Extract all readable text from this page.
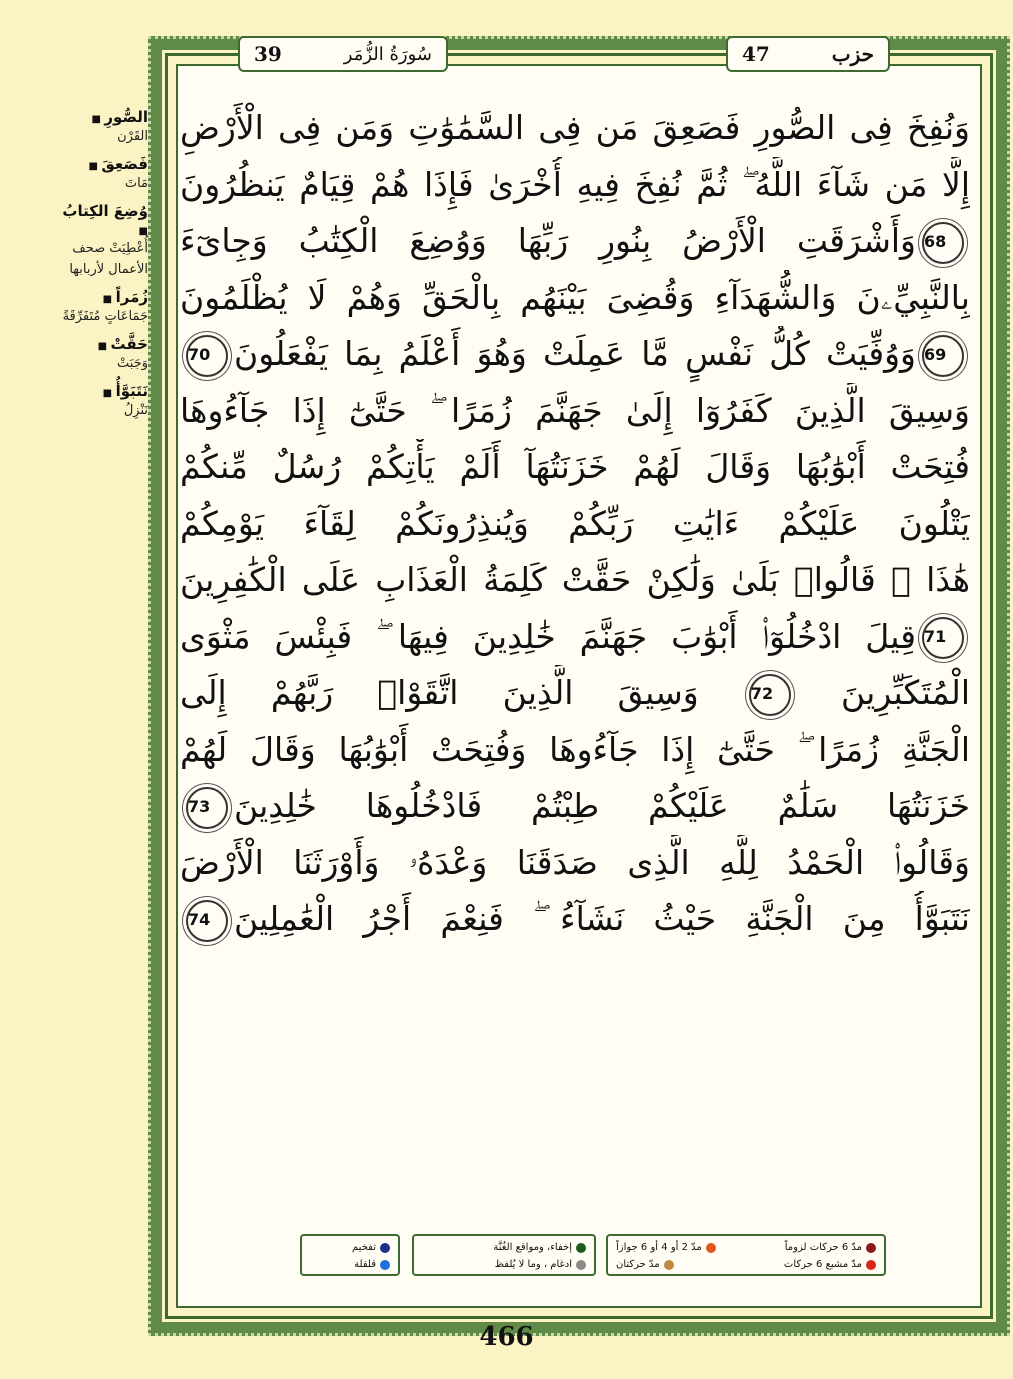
39	سُورَةُ الزُّمَر	47	حزب
وَنُفِخَ فِى الصُّورِ فَصَعِقَ مَن فِى السَّمَٰوَٰتِ وَمَن فِى الْأَرْضِ
إِلَّا مَن شَآءَ اللَّهُ ۖ ثُمَّ نُفِخَ فِيهِ أُخْرَىٰ فَإِذَا هُمْ قِيَامٌ يَنظُرُونَ
68وَأَشْرَقَتِ الْأَرْضُ بِنُورِ رَبِّهَا وَوُضِعَ الْكِتَٰبُ وَجِاىٓءَ
بِالنَّبِيِّۦنَ وَالشُّهَدَآءِ وَقُضِىَ بَيْنَهُم بِالْحَقِّ وَهُمْ لَا يُظْلَمُونَ
69وَوُفِّيَتْ كُلُّ نَفْسٍ مَّا عَمِلَتْ وَهُوَ أَعْلَمُ بِمَا يَفْعَلُونَ70
وَسِيقَ الَّذِينَ كَفَرُوٓا إِلَىٰ جَهَنَّمَ زُمَرًا ۖ حَتَّىٰٓ إِذَا جَآءُوهَا
فُتِحَتْ أَبْوَٰبُهَا وَقَالَ لَهُمْ خَزَنَتُهَآ أَلَمْ يَأْتِكُمْ رُسُلٌ مِّنكُمْ
يَتْلُونَ عَلَيْكُمْ ءَايَٰتِ رَبِّكُمْ وَيُنذِرُونَكُمْ لِقَآءَ يَوْمِكُمْ
هَٰذَا ۚ قَالُوا۟ بَلَىٰ وَلَٰكِنْ حَقَّتْ كَلِمَةُ الْعَذَابِ عَلَى الْكَٰفِرِينَ
71قِيلَ ادْخُلُوٓا۟ أَبْوَٰبَ جَهَنَّمَ خَٰلِدِينَ فِيهَا ۖ فَبِئْسَ مَثْوَى
الْمُتَكَبِّرِينَ 72 وَسِيقَ الَّذِينَ اتَّقَوْا۟ رَبَّهُمْ إِلَى
الْجَنَّةِ زُمَرًا ۖ حَتَّىٰٓ إِذَا جَآءُوهَا وَفُتِحَتْ أَبْوَٰبُهَا وَقَالَ لَهُمْ
خَزَنَتُهَا سَلَٰمٌ عَلَيْكُمْ طِبْتُمْ فَادْخُلُوهَا خَٰلِدِينَ73
وَقَالُوا۟ الْحَمْدُ لِلَّهِ الَّذِى صَدَقَنَا وَعْدَهُۥ وَأَوْرَثَنَا الْأَرْضَ
نَتَبَوَّأُ مِنَ الْجَنَّةِ حَيْثُ نَشَآءُ ۖ فَنِعْمَ أَجْرُ الْعَٰمِلِينَ74
الصُّورِ ■
القَرْن
فَصَعِقَ ■
مَاتَ
وُضِعَ الكِتابُ ■
أُعْطِيَتْ صحف الأعمال لأربابها
زُمَراً ■
جَمَاعَاتٍ مُتَفَرِّقَةً
حَقَّتْ ■
وَجَبَتْ
نَتَبَوَّأُ ■
نَنْزِلُ
مدّ 6 حركات لزوماً
مدّ 2 أو 4 أو 6 جوازاً
مدّ مشبع 6 حركات
مدّ حركتان
إخفاء، ومواقع الغُنَّة
ادغام ، وما لا يُلفظ
تفخيم
قلقلة
466
